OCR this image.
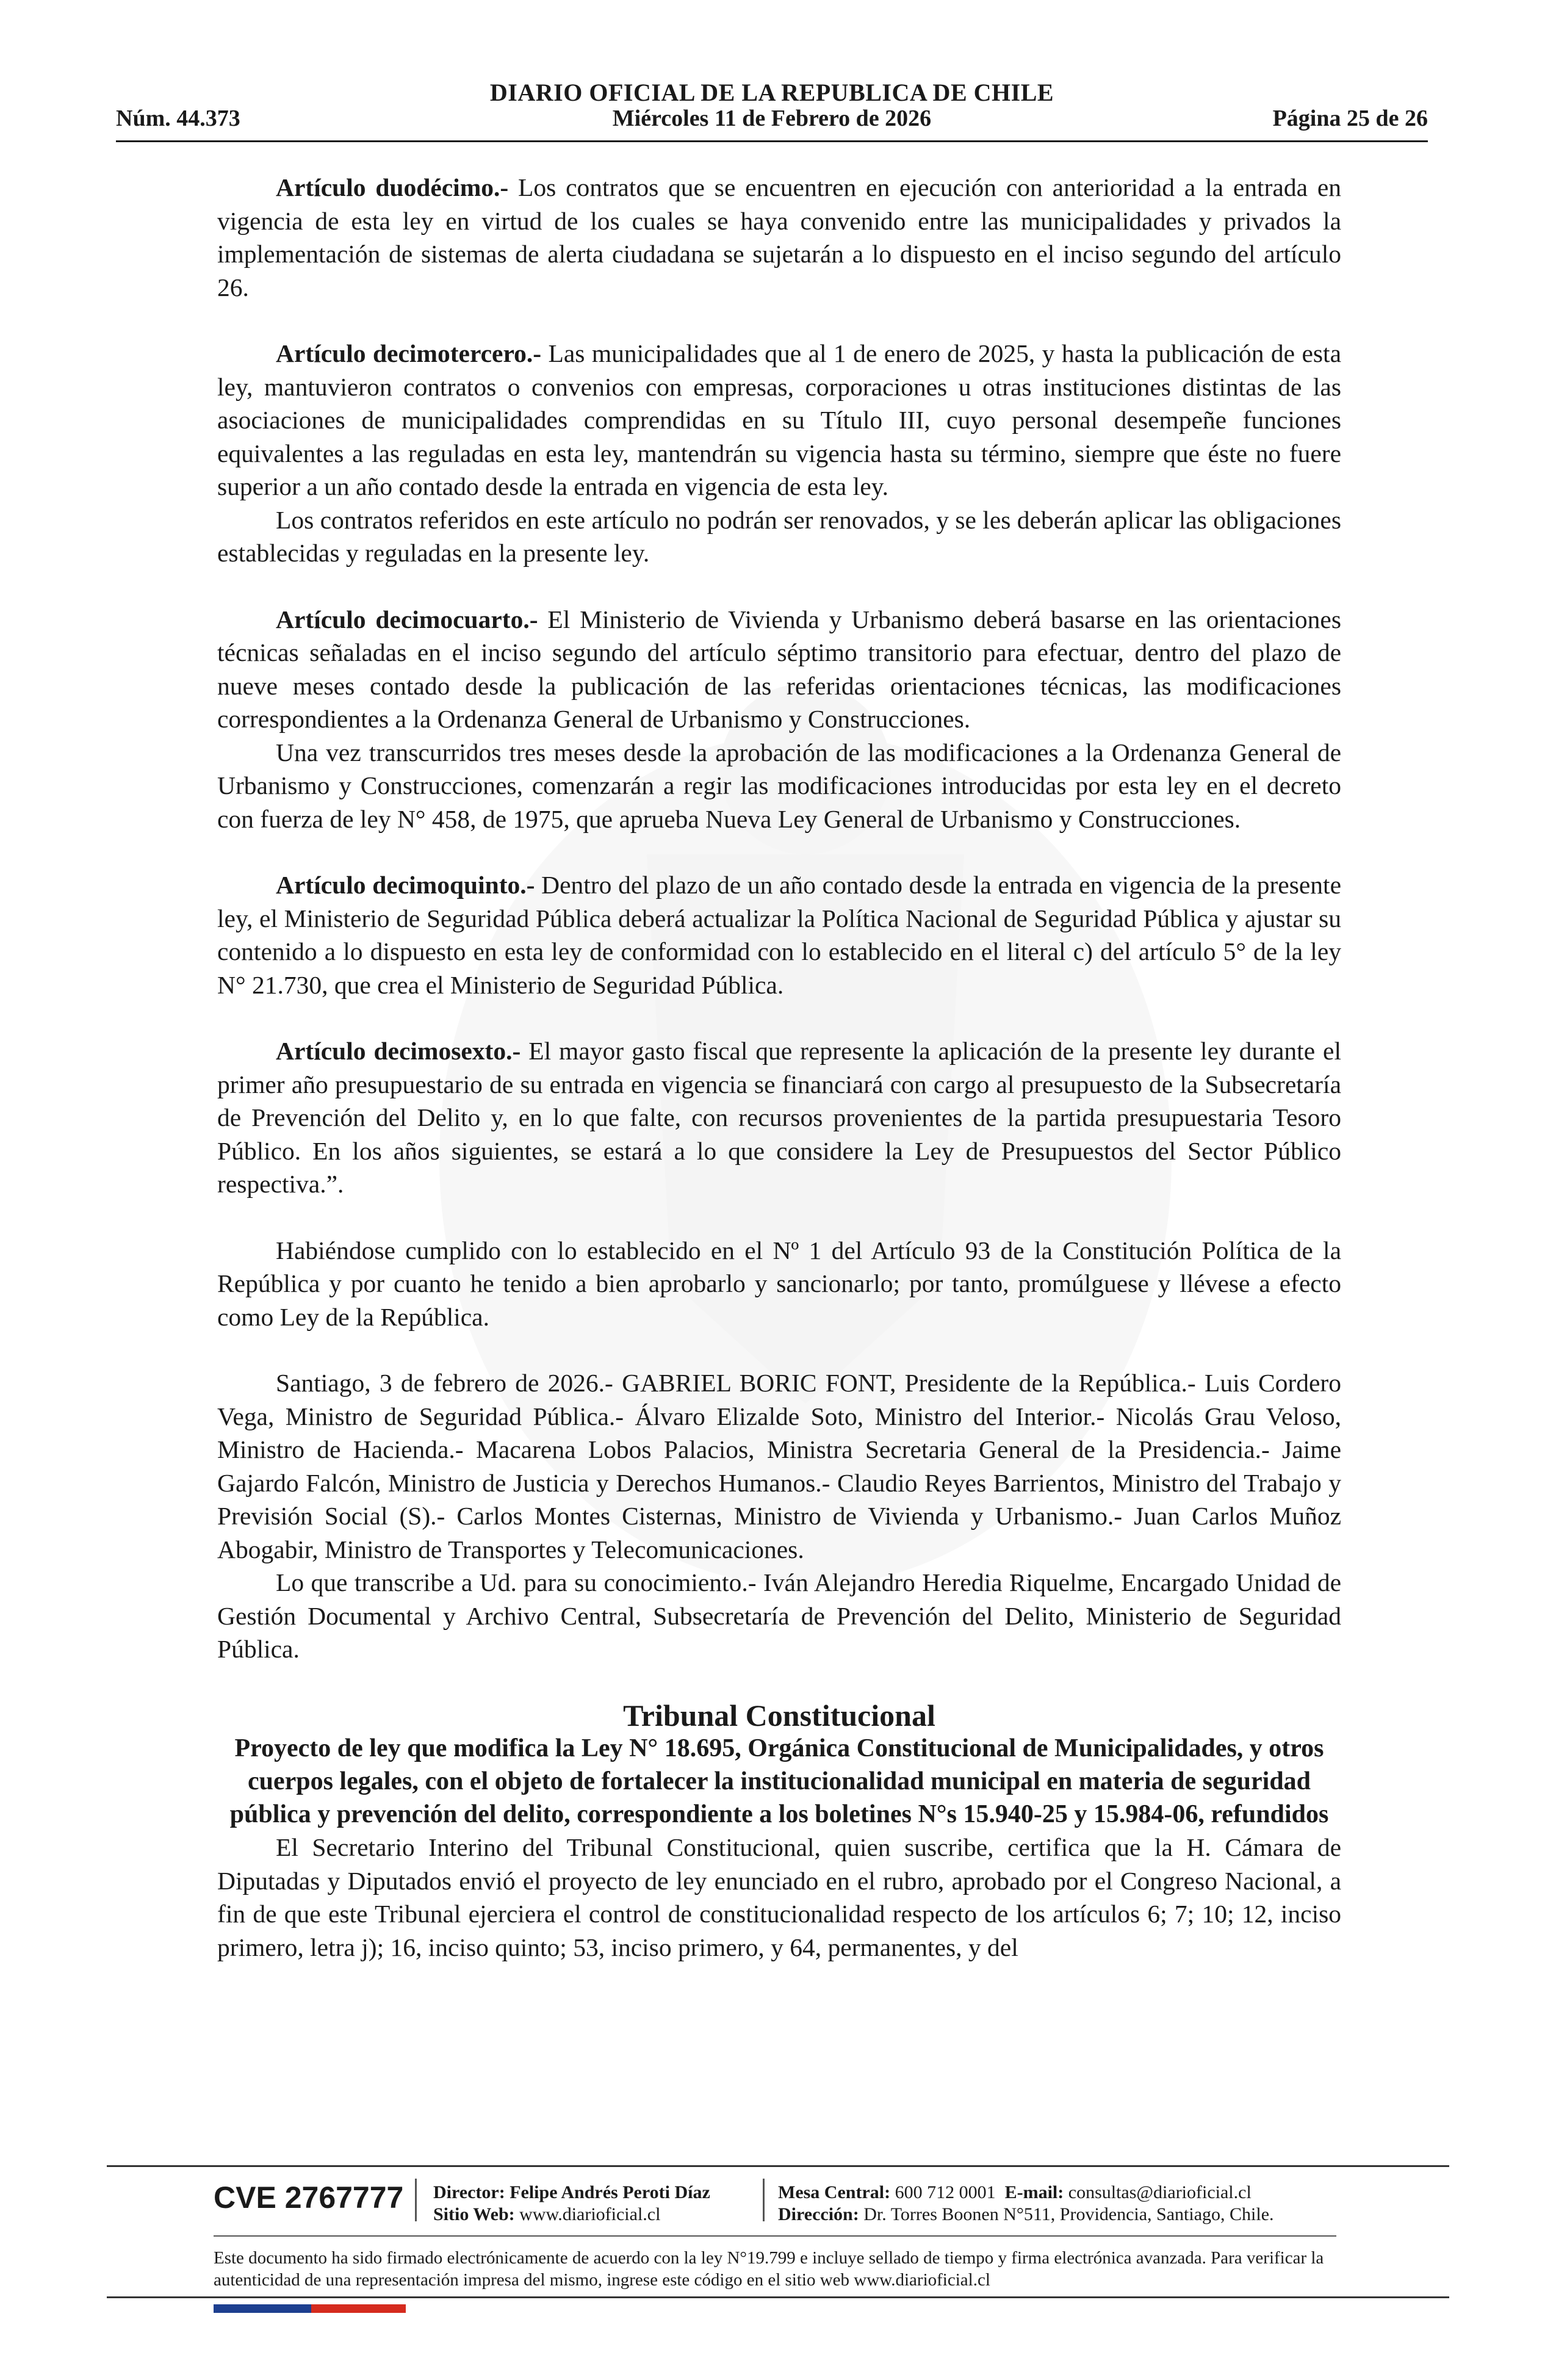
DIARIO OFICIAL DE LA REPUBLICA DE CHILE
Núm. 44.373	Miércoles 11 de Febrero de 2026	Página 25 de 26

Artículo duodécimo.- Los contratos que se encuentren en ejecución con anterioridad a la entrada en vigencia de esta ley en virtud de los cuales se haya convenido entre las municipalidades y privados la implementación de sistemas de alerta ciudadana se sujetarán a lo dispuesto en el inciso segundo del artículo 26.

Artículo decimotercero.- Las municipalidades que al 1 de enero de 2025, y hasta la publicación de esta ley, mantuvieron contratos o convenios con empresas, corporaciones u otras instituciones distintas de las asociaciones de municipalidades comprendidas en su Título III, cuyo personal desempeñe funciones equivalentes a las reguladas en esta ley, mantendrán su vigencia hasta su término, siempre que éste no fuere superior a un año contado desde la entrada en vigencia de esta ley.

Los contratos referidos en este artículo no podrán ser renovados, y se les deberán aplicar las obligaciones establecidas y reguladas en la presente ley.

Artículo decimocuarto.- El Ministerio de Vivienda y Urbanismo deberá basarse en las orientaciones técnicas señaladas en el inciso segundo del artículo séptimo transitorio para efectuar, dentro del plazo de nueve meses contado desde la publicación de las referidas orientaciones técnicas, las modificaciones correspondientes a la Ordenanza General de Urbanismo y Construcciones.

Una vez transcurridos tres meses desde la aprobación de las modificaciones a la Ordenanza General de Urbanismo y Construcciones, comenzarán a regir las modificaciones introducidas por esta ley en el decreto con fuerza de ley N° 458, de 1975, que aprueba Nueva Ley General de Urbanismo y Construcciones.

Artículo decimoquinto.- Dentro del plazo de un año contado desde la entrada en vigencia de la presente ley, el Ministerio de Seguridad Pública deberá actualizar la Política Nacional de Seguridad Pública y ajustar su contenido a lo dispuesto en esta ley de conformidad con lo establecido en el literal c) del artículo 5° de la ley N° 21.730, que crea el Ministerio de Seguridad Pública.

Artículo decimosexto.- El mayor gasto fiscal que represente la aplicación de la presente ley durante el primer año presupuestario de su entrada en vigencia se financiará con cargo al presupuesto de la Subsecretaría de Prevención del Delito y, en lo que falte, con recursos provenientes de la partida presupuestaria Tesoro Público. En los años siguientes, se estará a lo que considere la Ley de Presupuestos del Sector Público respectiva.”.

Habiéndose cumplido con lo establecido en el Nº 1 del Artículo 93 de la Constitución Política de la República y por cuanto he tenido a bien aprobarlo y sancionarlo; por tanto, promúlguese y llévese a efecto como Ley de la República.

Santiago, 3 de febrero de 2026.- GABRIEL BORIC FONT, Presidente de la República.- Luis Cordero Vega, Ministro de Seguridad Pública.- Álvaro Elizalde Soto, Ministro del Interior.- Nicolás Grau Veloso, Ministro de Hacienda.- Macarena Lobos Palacios, Ministra Secretaria General de la Presidencia.- Jaime Gajardo Falcón, Ministro de Justicia y Derechos Humanos.- Claudio Reyes Barrientos, Ministro del Trabajo y Previsión Social (S).- Carlos Montes Cisternas, Ministro de Vivienda y Urbanismo.- Juan Carlos Muñoz Abogabir, Ministro de Transportes y Telecomunicaciones.

Lo que transcribe a Ud. para su conocimiento.- Iván Alejandro Heredia Riquelme, Encargado Unidad de Gestión Documental y Archivo Central, Subsecretaría de Prevención del Delito, Ministerio de Seguridad Pública.

Tribunal Constitucional

Proyecto de ley que modifica la Ley N° 18.695, Orgánica Constitucional de Municipalidades, y otros cuerpos legales, con el objeto de fortalecer la institucionalidad municipal en materia de seguridad pública y prevención del delito, correspondiente a los boletines N°s 15.940-25 y 15.984-06, refundidos

El Secretario Interino del Tribunal Constitucional, quien suscribe, certifica que la H. Cámara de Diputadas y Diputados envió el proyecto de ley enunciado en el rubro, aprobado por el Congreso Nacional, a fin de que este Tribunal ejerciera el control de constitucionalidad respecto de los artículos 6; 7; 10; 12, inciso primero, letra j); 16, inciso quinto; 53, inciso primero, y 64, permanentes, y del

CVE 2767777 Director: Felipe Andrés Peroti Díaz
Sitio Web: www.diarioficial.cl
Mesa Central: 600 712 0001 E-mail: consultas@diarioficial.cl
Dirección: Dr. Torres Boonen N°511, Providencia, Santiago, Chile.
Este documento ha sido firmado electrónicamente de acuerdo con la ley N°19.799 e incluye sellado de tiempo y firma electrónica avanzada. Para verificar la autenticidad de una representación impresa del mismo, ingrese este código en el sitio web www.diarioficial.cl
